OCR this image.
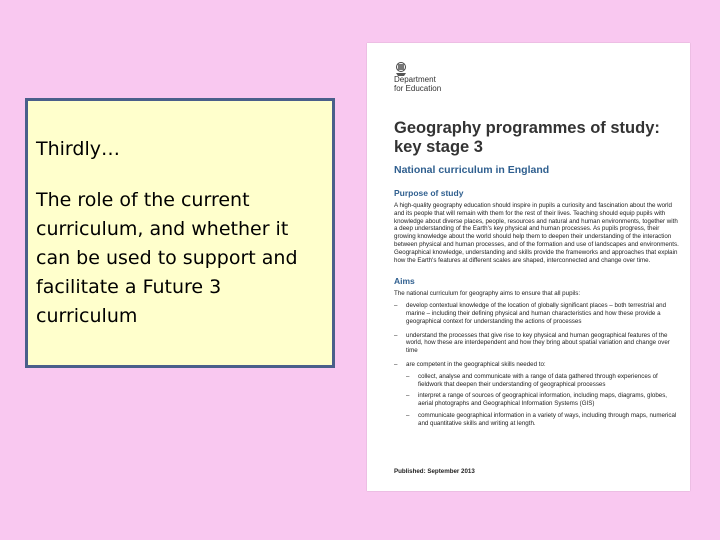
Thirdly…

The role of the current curriculum, and whether it can be used to support and facilitate a Future 3 curriculum

Department
for Education

Geography programmes of study: key stage 3

National curriculum in England

Purpose of study

A high-quality geography education should inspire in pupils a curiosity and fascination about the world and its people that will remain with them for the rest of their lives. Teaching should equip pupils with knowledge about diverse places, people, resources and natural and human environments, together with a deep understanding of the Earth's key physical and human processes. As pupils progress, their growing knowledge about the world should help them to deepen their understanding of the interaction between physical and human processes, and of the formation and use of landscapes and environments. Geographical knowledge, understanding and skills provide the frameworks and approaches that explain how the Earth's features at different scales are shaped, interconnected and change over time.

Aims

The national curriculum for geography aims to ensure that all pupils:

– develop contextual knowledge of the location of globally significant places – both terrestrial and marine – including their defining physical and human characteristics and how these provide a geographical context for understanding the actions of processes
– understand the processes that give rise to key physical and human geographical features of the world, how these are interdependent and how they bring about spatial variation and change over time
– are competent in the geographical skills needed to:
– collect, analyse and communicate with a range of data gathered through experiences of fieldwork that deepen their understanding of geographical processes
– interpret a range of sources of geographical information, including maps, diagrams, globes, aerial photographs and Geographical Information Systems (GIS)
– communicate geographical information in a variety of ways, including through maps, numerical and quantitative skills and writing at length.
Published: September 2013
